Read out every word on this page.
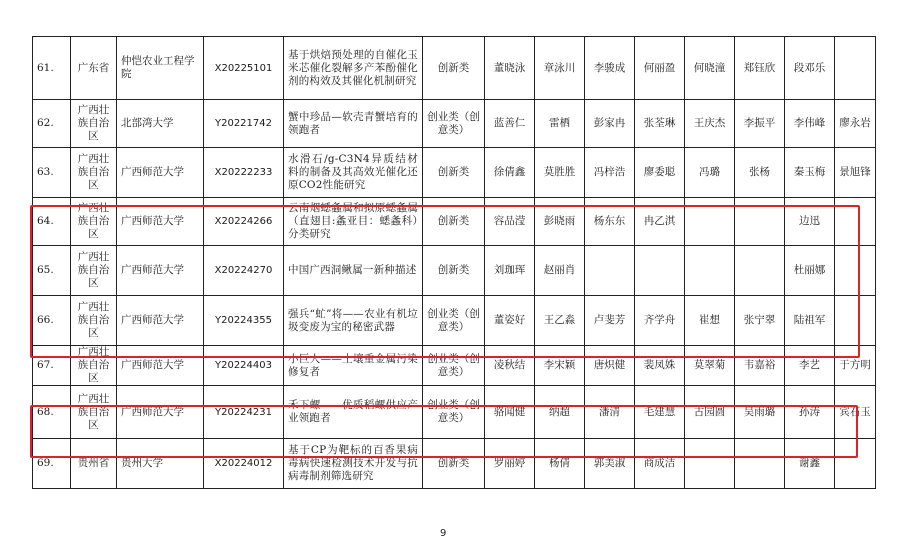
61.	广东省	仲恺农业工程学院	X20225101	基于烘焙预处理的自催化玉米芯催化裂解多产苯酚催化剂的构效及其催化机制研究	创新类	董晓泳	章泳川	李骏成	何丽盈	何晓潼	郑钰欣	段邓乐	
62.	广西壮族自治区	北部湾大学	Y20221742	蟹中珍品—软壳青蟹培育的领跑者	创业类（创意类）	蓝善仁	雷栖	彭家冉	张荃琳	王庆杰	李振平	李伟峰	廖永岩
63.	广西壮族自治区	广西师范大学	X20222233	水滑石/g-C3N4异质结材料的制备及其高效光催化还原CO2性能研究	创新类	徐倩鑫	莫胜胜	冯梓浩	廖委聪	冯璐	张杨	秦玉梅	景旭锋
64.	广西壮族自治区	广西师范大学	X20224266	云南烟蟋螽属和拟原蟋螽属（直翅目:螽亚目：蟋螽科）分类研究	创新类	容品滢	彭晓雨	杨东东	冉乙淇			边迅	
65.	广西壮族自治区	广西师范大学	X20224270	中国广西洞鳅属一新种描述	创新类	刘珈珲	赵丽肖					杜丽娜	
66.	广西壮族自治区	广西师范大学	Y20224355	强兵“虻”将——农业有机垃圾变废为宝的秘密武器	创业类（创意类）	董姿好	王乙淼	卢斐芳	齐学舟	崔想	张宁翠	陆祖军	
67.	广西壮族自治区	广西师范大学	Y20224403	小巨人——土壤重金属污染修复者	创业类（创意类）	凌秋结	李宋颖	唐炽健	裴凤姝	莫翠菊	韦嘉裕	李艺	于方明
68.	广西壮族自治区	广西师范大学	Y20224231	禾下螺——优质稻螺供应产业领跑者	创业类（创意类）	骆闻健	纳超	潘清	毛建慧	古园圆	吴雨璐	孙涛	宾石玉
69.	贵州省	贵州大学	X20224012	基于CP为靶标的百香果病毒病快速检测技术开发与抗病毒制剂筛选研究	创新类	罗丽婷	杨倩	郭美淑	商成洁			谢鑫	
9
